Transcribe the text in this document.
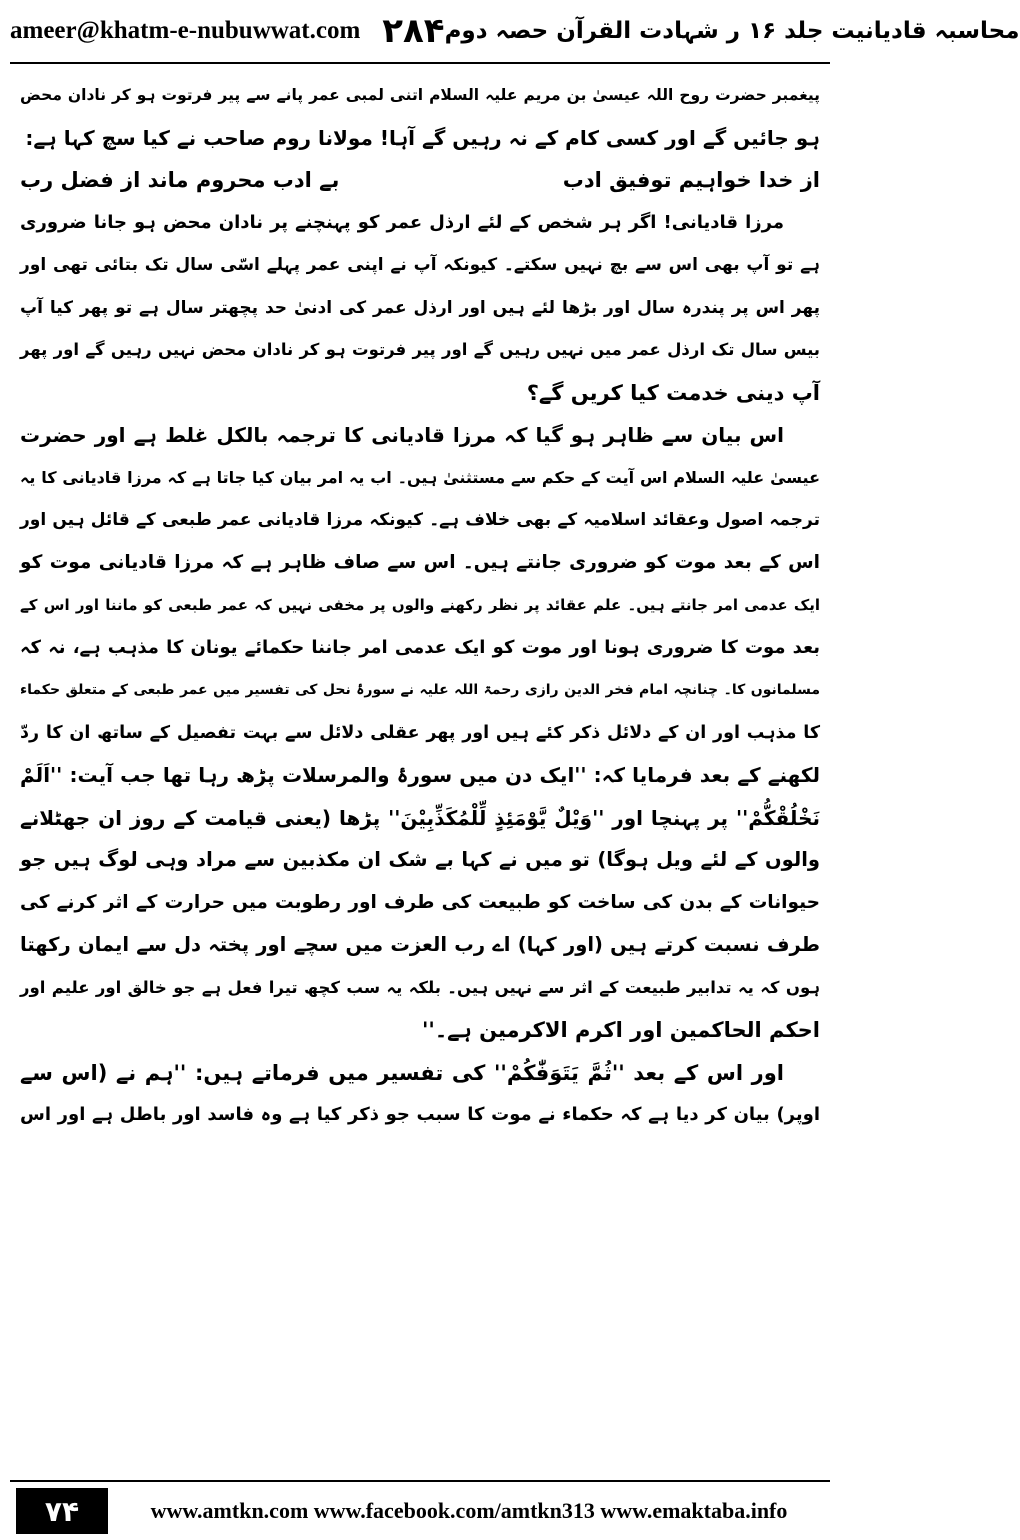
ameer@khatm-e-nubuwwat.com ۲۸۴ محاسبہ قادیانیت جلد ۱۶ ر شہادت القرآن حصہ دوم
پیغمبر حضرت روح اللہ عیسیٰ بن مریم علیہ السلام اتنی لمبی عمر پانے سے پیر فرتوت ہو کر نادان محض
ہو جائیں گے اور کسی کام کے نہ رہیں گے آہا! مولانا روم صاحب نے کیا سچ کہا ہے:
از خدا خواہیم توفیق ادب
بے ادب محروم ماند از فضل رب
مرزا قادیانی! اگر ہر شخص کے لئے ارذل عمر کو پہنچنے پر نادان محض ہو جانا ضروری
ہے تو آپ بھی اس سے بچ نہیں سکتے۔ کیونکہ آپ نے اپنی عمر پہلے اسّی سال تک بتائی تھی اور
پھر اس پر پندرہ سال اور بڑھا لئے ہیں اور ارذل عمر کی ادنیٰ حد پچھتر سال ہے تو پھر کیا آپ
بیس سال تک ارذل عمر میں نہیں رہیں گے اور پیر فرتوت ہو کر نادان محض نہیں رہیں گے اور پھر
آپ دینی خدمت کیا کریں گے؟
اس بیان سے ظاہر ہو گیا کہ مرزا قادیانی کا ترجمہ بالکل غلط ہے اور حضرت
عیسیٰ علیہ السلام اس آیت کے حکم سے مستثنیٰ ہیں۔ اب یہ امر بیان کیا جاتا ہے کہ مرزا قادیانی کا یہ
ترجمہ اصول وعقائد اسلامیہ کے بھی خلاف ہے۔ کیونکہ مرزا قادیانی عمر طبعی کے قائل ہیں اور
اس کے بعد موت کو ضروری جانتے ہیں۔ اس سے صاف ظاہر ہے کہ مرزا قادیانی موت کو
ایک عدمی امر جانتے ہیں۔ علم عقائد پر نظر رکھنے والوں پر مخفی نہیں کہ عمر طبعی کو ماننا اور اس کے
بعد موت کا ضروری ہونا اور موت کو ایک عدمی امر جاننا حکمائے یونان کا مذہب ہے، نہ کہ
مسلمانوں کا۔ چنانچہ امام فخر الدین رازی رحمۃ اللہ علیہ نے سورۂ نحل کی تفسیر میں عمر طبعی کے متعلق حکماء
کا مذہب اور ان کے دلائل ذکر کئے ہیں اور پھر عقلی دلائل سے بہت تفصیل کے ساتھ ان کا ردّ
لکھنے کے بعد فرمایا کہ: ''ایک دن میں سورۂ والمرسلات پڑھ رہا تھا جب آیت: ''اَلَمْ
نَخْلُقْکُّمْ'' پر پہنچا اور ''وَیْلٌ یَّوْمَئِذٍ لِّلْمُکَذِّبِیْنَ'' پڑھا (یعنی قیامت کے روز ان جھٹلانے
والوں کے لئے ویل ہوگا) تو میں نے کہا بے شک ان مکذبین سے مراد وہی لوگ ہیں جو
حیوانات کے بدن کی ساخت کو طبیعت کی طرف اور رطوبت میں حرارت کے اثر کرنے کی
طرف نسبت کرتے ہیں (اور کہا) اے رب العزت میں سچے اور پختہ دل سے ایمان رکھتا
ہوں کہ یہ تدابیر طبیعت کے اثر سے نہیں ہیں۔ بلکہ یہ سب کچھ تیرا فعل ہے جو خالق اور علیم اور
احکم الحاکمین اور اکرم الاکرمین ہے۔''
اور اس کے بعد ''ثُمَّ یَتَوَفّٰکُمْ'' کی تفسیر میں فرماتے ہیں: ''ہم نے (اس سے
اوپر) بیان کر دیا ہے کہ حکماء نے موت کا سبب جو ذکر کیا ہے وہ فاسد اور باطل ہے اور اس
۷۴	www.amtkn.com www.facebook.com/amtkn313 www.emaktaba.info
